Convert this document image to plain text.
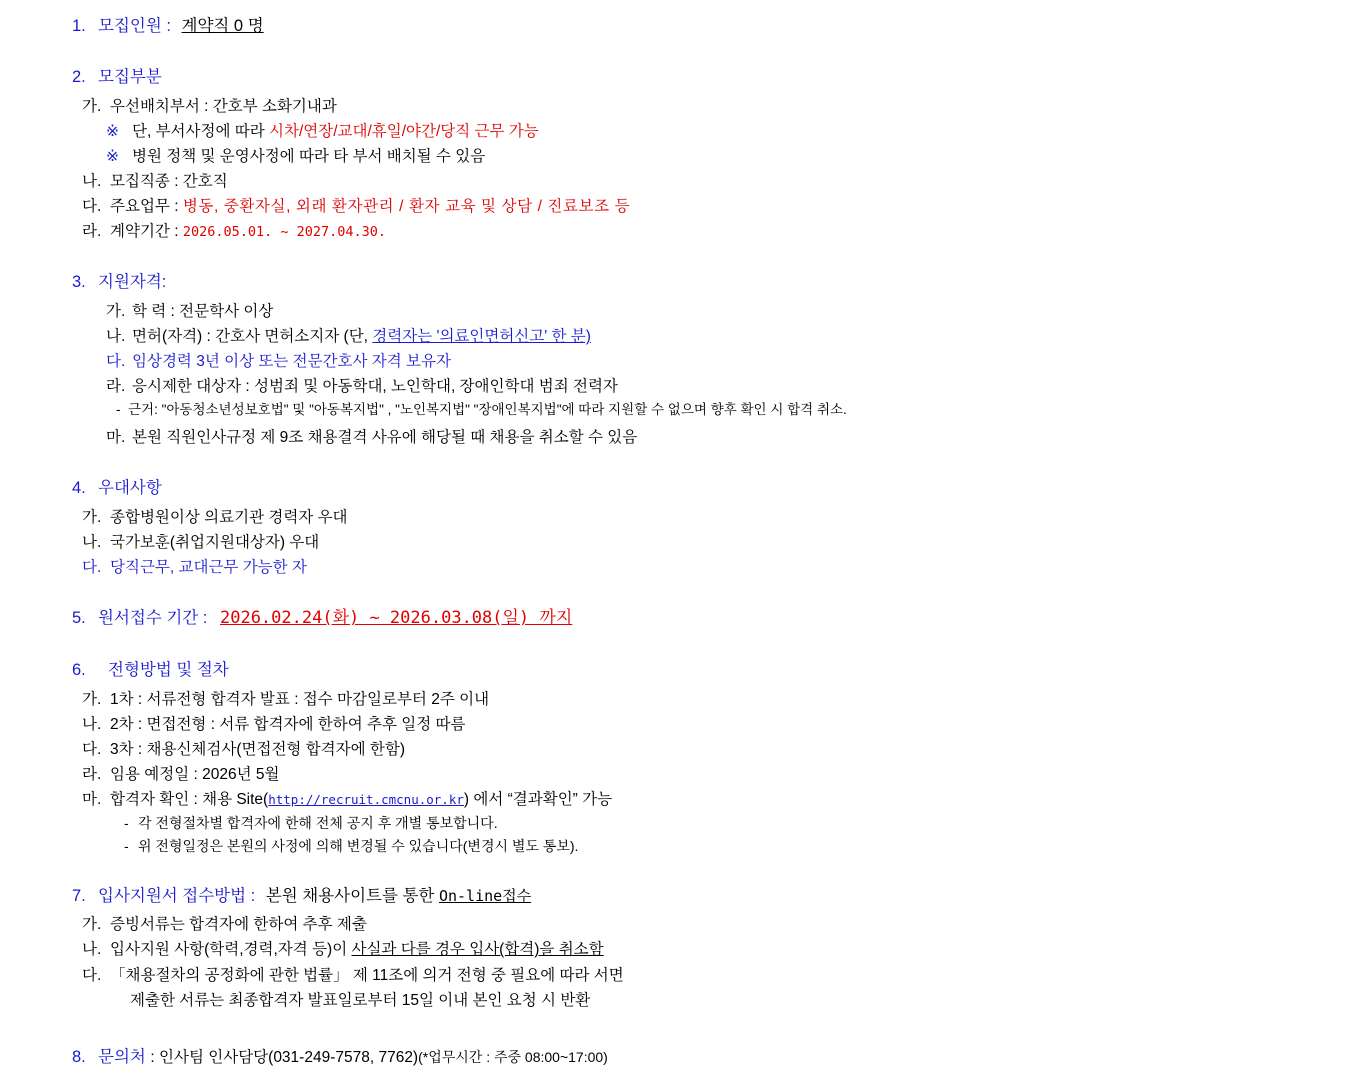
1. 모집인원 : 계약직 0 명
2. 모집부분
가. 우선배치부서 : 간호부 소화기내과
※ 단, 부서사정에 따라 시차/연장/교대/휴일/야간/당직 근무 가능
※ 병원 정책 및 운영사정에 따라 타 부서 배치될 수 있음
나. 모집직종 : 간호직
다. 주요업무 : 병동, 중환자실, 외래 환자관리 / 환자 교육 및 상담 / 진료보조 등
라. 계약기간 : 2026.05.01. ~ 2027.04.30.
3. 지원자격:
가. 학 력 : 전문학사 이상
나. 면허(자격) : 간호사 면허소지자 (단, 경력자는 '의료인면허신고' 한 분)
다. 임상경력 3년 이상 또는 전문간호사 자격 보유자
라. 응시제한 대상자 : 성범죄 및 아동학대, 노인학대, 장애인학대 범죄 전력자
- 근거: "아동청소년성보호법" 및 "아동복지법" , "노인복지법" "장애인복지법"에 따라 지원할 수 없으며 향후 확인 시 합격 취소.
마. 본원 직원인사규정 제 9조 채용결격 사유에 해당될 때 채용을 취소할 수 있음
4. 우대사항
가. 종합병원이상 의료기관 경력자 우대
나. 국가보훈(취업지원대상자) 우대
다. 당직근무, 교대근무 가능한 자
5. 원서접수 기간 : 2026.02.24(화) ~ 2026.03.08(일) 까지
6. 전형방법 및 절차
가. 1차 : 서류전형 합격자 발표 : 접수 마감일로부터 2주 이내
나. 2차 : 면접전형 : 서류 합격자에 한하여 추후 일정 따름
다. 3차 : 채용신체검사(면접전형 합격자에 한함)
라. 임용 예정일 : 2026년 5월
마. 합격자 확인 : 채용 Site(http://recruit.cmcnu.or.kr) 에서 “결과확인” 가능
- 각 전형절차별 합격자에 한해 전체 공지 후 개별 통보합니다.
- 위 전형일정은 본원의 사정에 의해 변경될 수 있습니다(변경시 별도 통보).
7. 입사지원서 접수방법 : 본원 채용사이트를 통한 On-line접수
가. 증빙서류는 합격자에 한하여 추후 제출
나. 입사지원 사항(학력,경력,자격 등)이 사실과 다를 경우 입사(합격)을 취소함
다. 「채용절차의 공정화에 관한 법률」 제 11조에 의거 전형 중 필요에 따라 서면
제출한 서류는 최종합격자 발표일로부터 15일 이내 본인 요청 시 반환
8. 문의처 : 인사팀 인사담당(031-249-7578, 7762)(*업무시간 : 주중 08:00~17:00)
